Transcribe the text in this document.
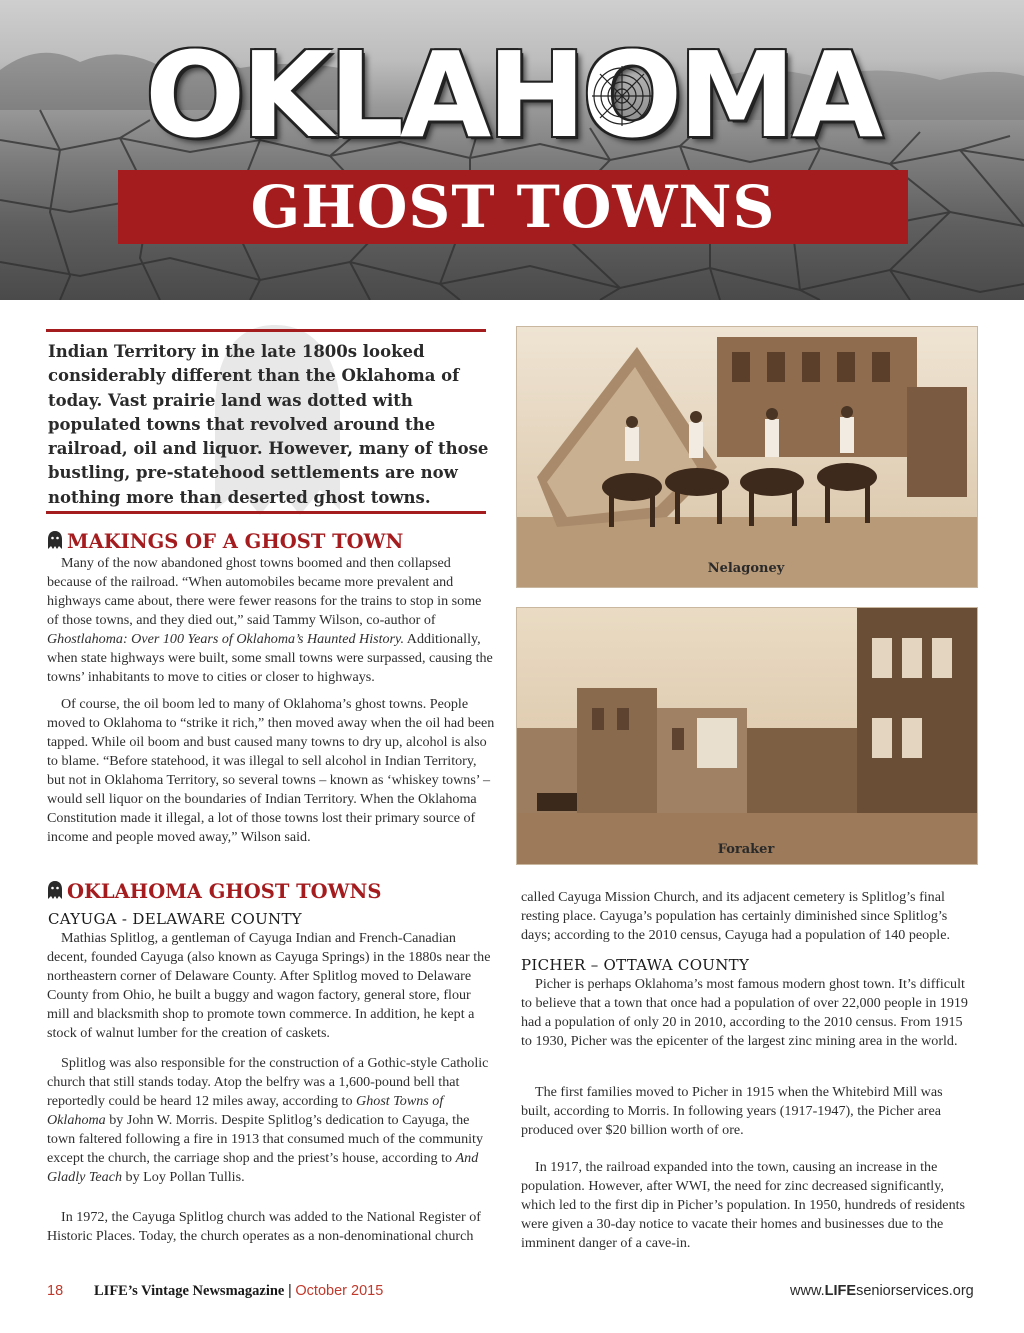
OKLAHOMA
GHOST TOWNS
Indian Territory in the late 1800s looked considerably different than the Oklahoma of today. Vast prairie land was dotted with populated towns that revolved around the railroad, oil and liquor. However, many of those bustling, pre-statehood settlements are now nothing more than deserted ghost towns.
MAKINGS OF A GHOST TOWN

Many of the now abandoned ghost towns boomed and then collapsed because of the railroad. “When automobiles became more prevalent and highways came about, there were fewer reasons for the trains to stop in some of those towns, and they died out,” said Tammy Wilson, co-author of Ghostlahoma: Over 100 Years of Oklahoma’s Haunted History. Additionally, when state highways were built, some small towns were surpassed, causing the towns’ inhabitants to move to cities or closer to highways.

Of course, the oil boom led to many of Oklahoma’s ghost towns. People moved to Oklahoma to “strike it rich,” then moved away when the oil had been tapped. While oil boom and bust caused many towns to dry up, alcohol is also to blame. “Before statehood, it was illegal to sell alcohol in Indian Territory, but not in Oklahoma Territory, so several towns – known as ‘whiskey towns’ – would sell liquor on the boundaries of Indian Territory. When the Oklahoma Constitution made it illegal, a lot of those towns lost their primary source of income and people moved away,” Wilson said.

Nelagoney
Foraker
OKLAHOMA GHOST TOWNS
CAYUGA - DELAWARE COUNTY

Mathias Splitlog, a gentleman of Cayuga Indian and French-Canadian decent, founded Cayuga (also known as Cayuga Springs) in the 1880s near the northeastern corner of Delaware County. After Splitlog moved to Delaware County from Ohio, he built a buggy and wagon factory, general store, flour mill and blacksmith shop to promote town commerce. In addition, he kept a stock of walnut lumber for the creation of caskets.

Splitlog was also responsible for the construction of a Gothic-style Catholic church that still stands today. Atop the belfry was a 1,600-pound bell that reportedly could be heard 12 miles away, according to Ghost Towns of Oklahoma by John W. Morris. Despite Splitlog’s dedication to Cayuga, the town faltered following a fire in 1913 that consumed much of the community except the church, the carriage shop and the priest’s house, according to And Gladly Teach by Loy Pollan Tullis.

In 1972, the Cayuga Splitlog church was added to the National Register of Historic Places. Today, the church operates as a non-denominational church

called Cayuga Mission Church, and its adjacent cemetery is Splitlog’s final resting place. Cayuga’s population has certainly diminished since Splitlog’s days; according to the 2010 census, Cayuga had a population of 140 people.

PICHER – OTTAWA COUNTY

Picher is perhaps Oklahoma’s most famous modern ghost town. It’s difficult to believe that a town that once had a population of over 22,000 people in 1919 had a population of only 20 in 2010, according to the 2010 census. From 1915 to 1930, Picher was the epicenter of the largest zinc mining area in the world.

The first families moved to Picher in 1915 when the Whitebird Mill was built, according to Morris. In following years (1917-1947), the Picher area produced over $20 billion worth of ore.

In 1917, the railroad expanded into the town, causing an increase in the population. However, after WWI, the need for zinc decreased significantly, which led to the first dip in Picher’s population. In 1950, hundreds of residents were given a 30-day notice to vacate their homes and businesses due to the imminent danger of a cave-in.

18 LIFE’s Vintage Newsmagazine | October 2015	www.LIFEseniorservices.org
